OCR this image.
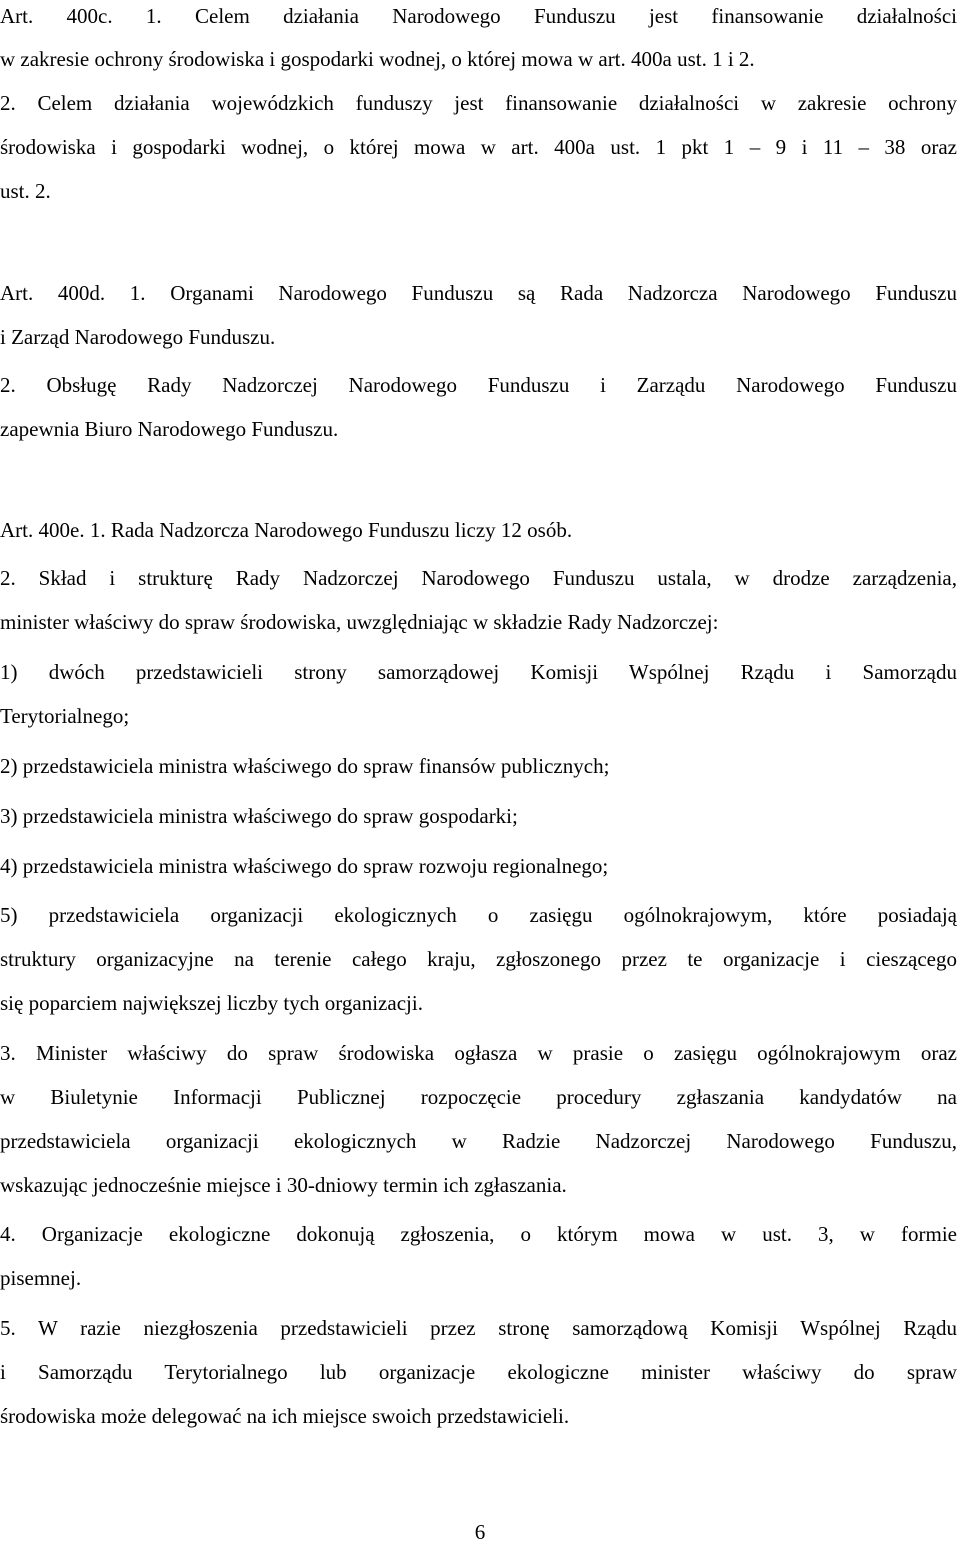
Art. 400c. 1. Celem działania Narodowego Funduszu jest finansowanie działalności
w zakresie ochrony środowiska i gospodarki wodnej, o której mowa w art. 400a ust. 1 i 2.
2. Celem działania wojewódzkich funduszy jest finansowanie działalności w zakresie ochrony
środowiska i gospodarki wodnej, o której mowa w art. 400a ust. 1 pkt 1 – 9 i 11 – 38 oraz
ust. 2.
Art. 400d. 1. Organami Narodowego Funduszu są Rada Nadzorcza Narodowego Funduszu
i Zarząd Narodowego Funduszu.
2. Obsługę Rady Nadzorczej Narodowego Funduszu i Zarządu Narodowego Funduszu
zapewnia Biuro Narodowego Funduszu.
Art. 400e. 1. Rada Nadzorcza Narodowego Funduszu liczy 12 osób.
2. Skład i strukturę Rady Nadzorczej Narodowego Funduszu ustala, w drodze zarządzenia,
minister właściwy do spraw środowiska, uwzględniając w składzie Rady Nadzorczej:
1) dwóch przedstawicieli strony samorządowej Komisji Wspólnej Rządu i Samorządu
Terytorialnego;
2) przedstawiciela ministra właściwego do spraw finansów publicznych;
3) przedstawiciela ministra właściwego do spraw gospodarki;
4) przedstawiciela ministra właściwego do spraw rozwoju regionalnego;
5) przedstawiciela organizacji ekologicznych o zasięgu ogólnokrajowym, które posiadają
struktury organizacyjne na terenie całego kraju, zgłoszonego przez te organizacje i cieszącego
się poparciem największej liczby tych organizacji.
3. Minister właściwy do spraw środowiska ogłasza w prasie o zasięgu ogólnokrajowym oraz
w Biuletynie Informacji Publicznej rozpoczęcie procedury zgłaszania kandydatów na
przedstawiciela organizacji ekologicznych w Radzie Nadzorczej Narodowego Funduszu,
wskazując jednocześnie miejsce i 30-dniowy termin ich zgłaszania.
4. Organizacje ekologiczne dokonują zgłoszenia, o którym mowa w ust. 3, w formie
pisemnej.
5. W razie niezgłoszenia przedstawicieli przez stronę samorządową Komisji Wspólnej Rządu
i Samorządu Terytorialnego lub organizacje ekologiczne minister właściwy do spraw
środowiska może delegować na ich miejsce swoich przedstawicieli.
6
